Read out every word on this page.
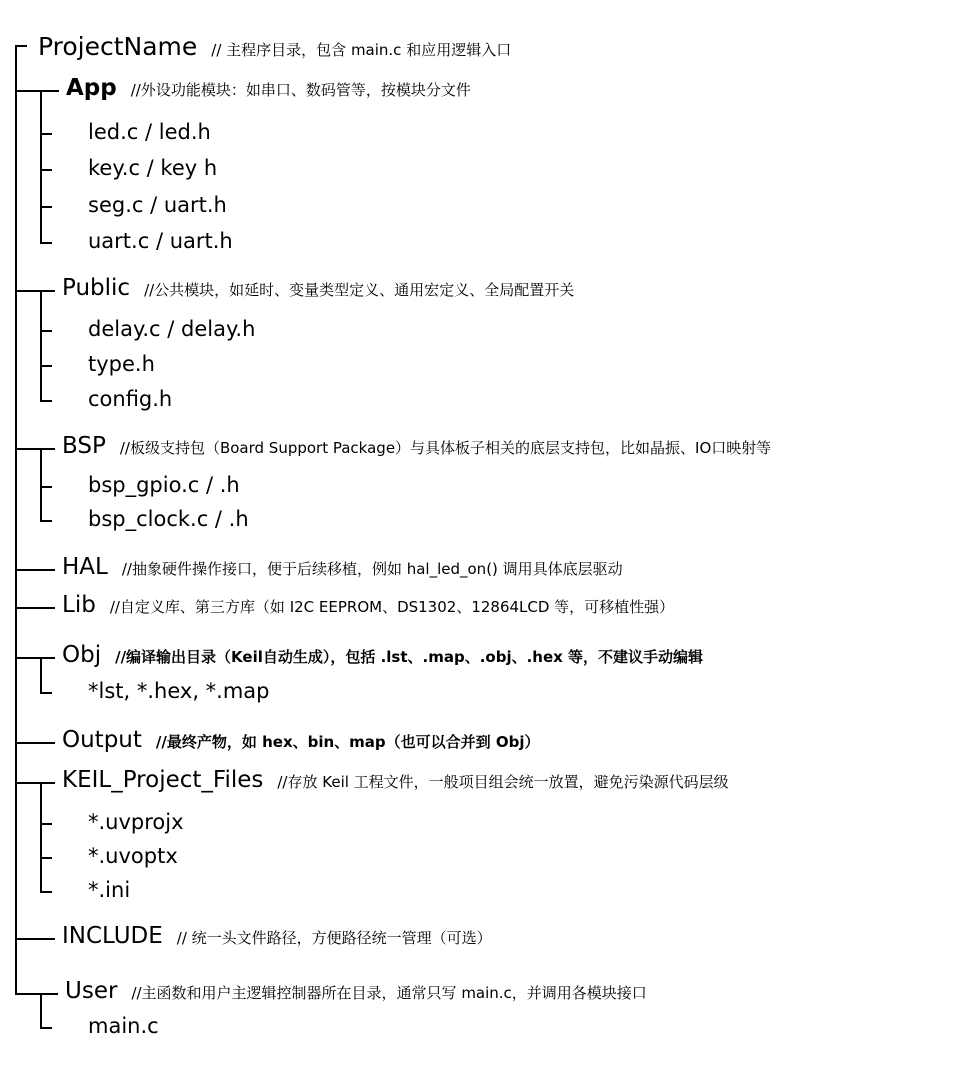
ProjectName // 主程序目录，包含 main.c 和应用逻辑入口
App //外设功能模块：如串口、数码管等，按模块分文件
led.c / led.h
key.c / key h
seg.c / uart.h
uart.c / uart.h
Public //公共模块，如延时、变量类型定义、通用宏定义、全局配置开关
delay.c / delay.h
type.h
config.h
BSP //板级支持包（Board Support Package）与具体板子相关的底层支持包，比如晶振、IO口映射等
bsp_gpio.c / .h
bsp_clock.c / .h
HAL //抽象硬件操作接口，便于后续移植，例如 hal_led_on() 调用具体底层驱动
Lib //自定义库、第三方库（如 I2C EEPROM、DS1302、12864LCD 等，可移植性强）
Obj //编译输出目录（Keil自动生成），包括 .lst、.map、.obj、.hex 等，不建议手动编辑
*lst, *.hex, *.map
Output //最终产物，如 hex、bin、map（也可以合并到 Obj）
KEIL_Project_Files //存放 Keil 工程文件，一般项目组会统一放置，避免污染源代码层级
*.uvprojx
*.uvoptx
*.ini
INCLUDE // 统一头文件路径，方便路径统一管理（可选）
User //主函数和用户主逻辑控制器所在目录，通常只写 main.c，并调用各模块接口
main.c
